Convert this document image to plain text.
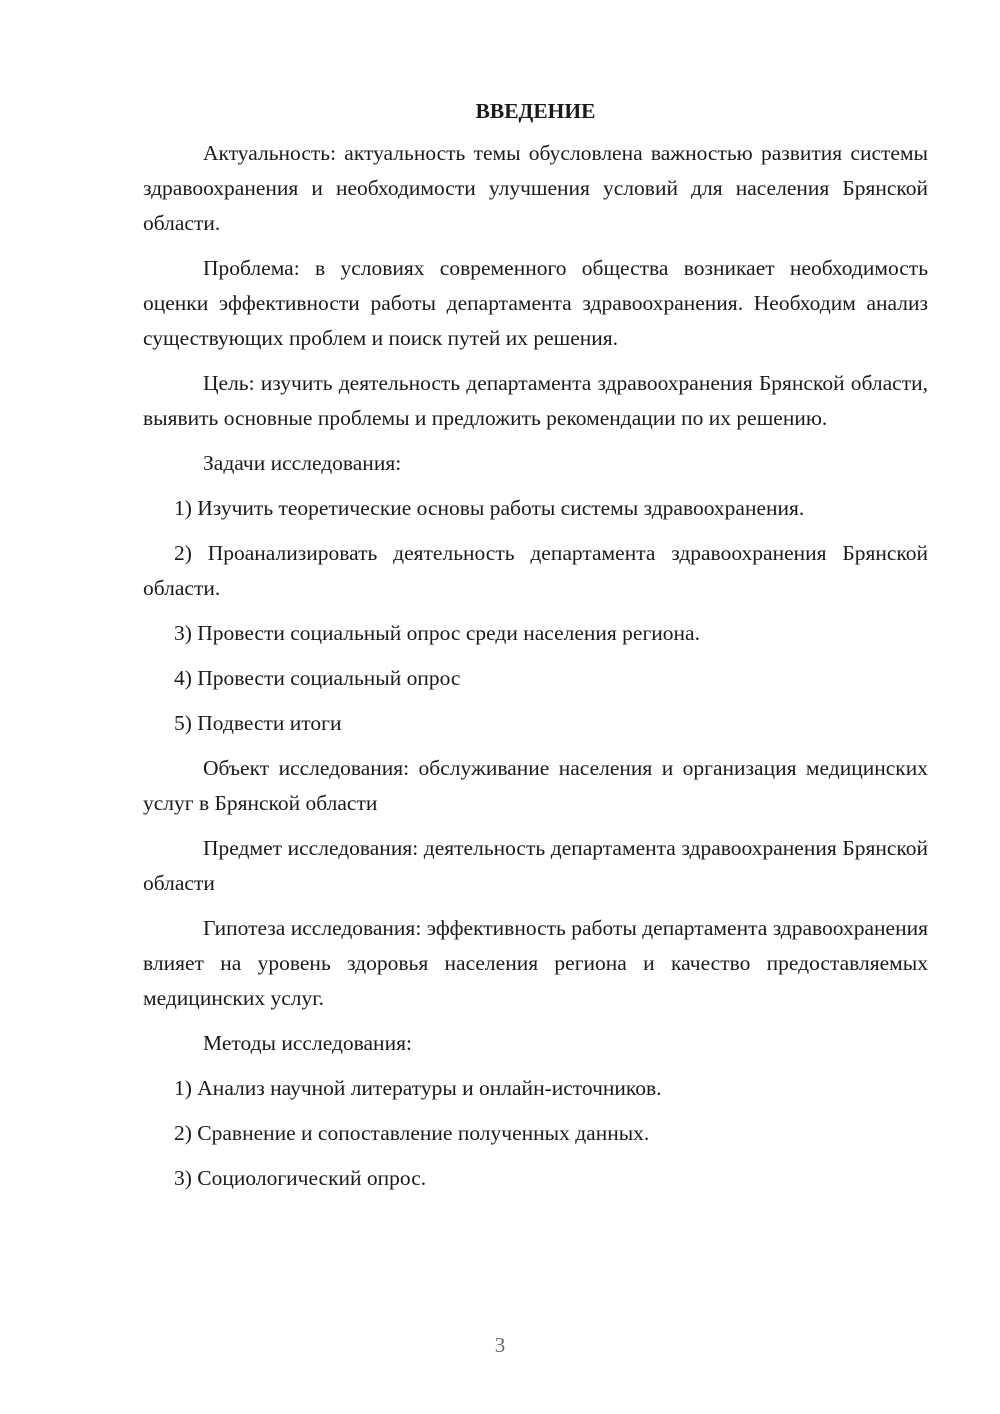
ВВЕДЕНИЕ

Актуальность: актуальность темы обусловлена важностью развития системы здравоохранения и необходимости улучшения условий для населения Брянской области.

Проблема: в условиях современного общества возникает необходимость оценки эффективности работы департамента здравоохранения. Необходим анализ существующих проблем и поиск путей их решения.

Цель: изучить деятельность департамента здравоохранения Брянской области, выявить основные проблемы и предложить рекомендации по их решению.

Задачи исследования:

1) Изучить теоретические основы работы системы здравоохранения.

2) Проанализировать деятельность департамента здравоохранения Брянской области.

3) Провести социальный опрос среди населения региона.

4) Провести социальный опрос

5) Подвести итоги

Объект исследования: обслуживание населения и организация медицинских услуг в Брянской области

Предмет исследования: деятельность департамента здравоохранения Брянской области

Гипотеза исследования: эффективность работы департамента здравоохранения влияет на уровень здоровья населения региона и качество предоставляемых медицинских услуг.

Методы исследования:

1) Анализ научной литературы и онлайн-источников.

2) Сравнение и сопоставление полученных данных.

3) Социологический опрос.

3
